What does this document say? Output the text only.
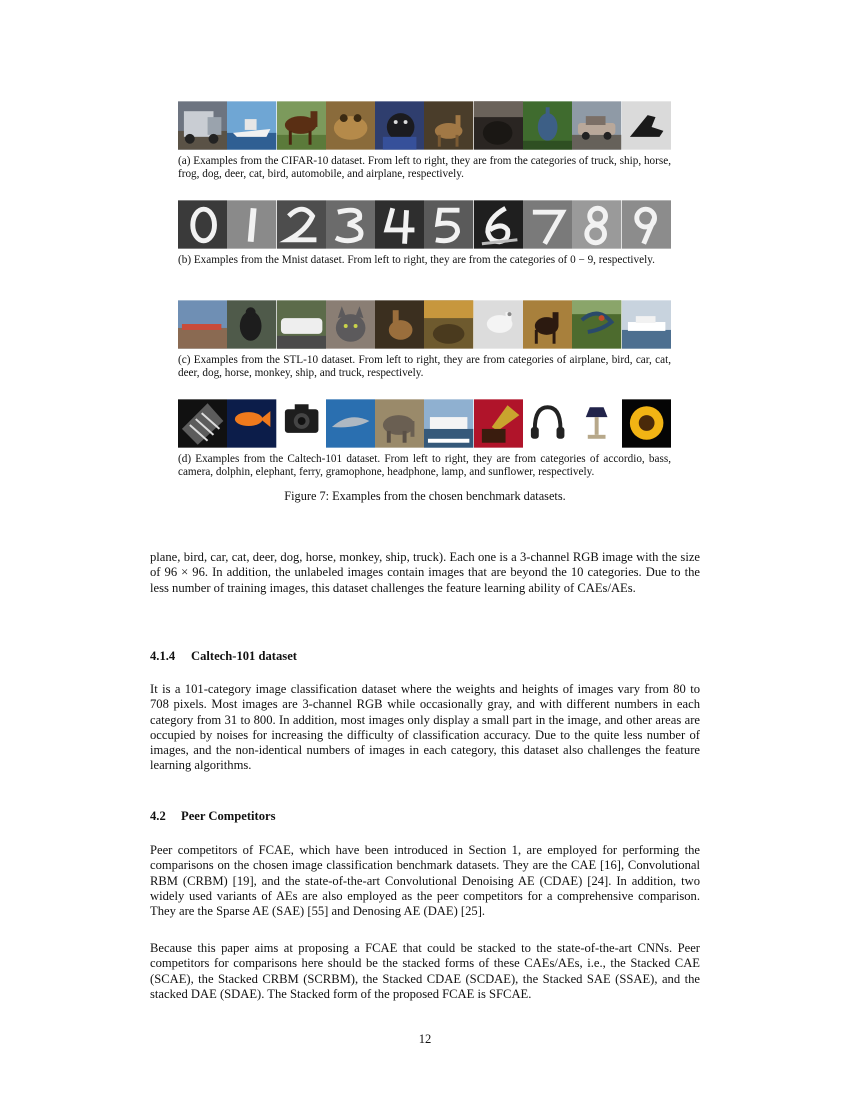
(a) Examples from the CIFAR-10 dataset. From left to right, they are from the categories of truck, ship, horse, frog, dog, deer, cat, bird, automobile, and airplane, respectively.
(b) Examples from the Mnist dataset. From left to right, they are from the categories of 0 − 9, respectively.
(c) Examples from the STL-10 dataset. From left to right, they are from categories of airplane, bird, car, cat, deer, dog, horse, monkey, ship, and truck, respectively.
(d) Examples from the Caltech-101 dataset. From left to right, they are from categories of accordio, bass, camera, dolphin, elephant, ferry, gramophone, headphone, lamp, and sunflower, respectively.
Figure 7: Examples from the chosen benchmark datasets.
plane, bird, car, cat, deer, dog, horse, monkey, ship, truck). Each one is a 3-channel RGB image with the size of 96 × 96. In addition, the unlabeled images contain images that are beyond the 10 categories. Due to the less number of training images, this dataset challenges the feature learning ability of CAEs/AEs.
4.1.4 Caltech-101 dataset
It is a 101-category image classification dataset where the weights and heights of images vary from 80 to 708 pixels. Most images are 3-channel RGB while occasionally gray, and with different numbers in each category from 31 to 800. In addition, most images only display a small part in the image, and other areas are occupied by noises for increasing the difficulty of classification accuracy. Due to the quite less number of images, and the non-identical numbers of images in each category, this dataset also challenges the feature learning algorithms.
4.2 Peer Competitors
Peer competitors of FCAE, which have been introduced in Section 1, are employed for performing the comparisons on the chosen image classification benchmark datasets. They are the CAE [16], Convolutional RBM (CRBM) [19], and the state-of-the-art Convolutional Denoising AE (CDAE) [24]. In addition, two widely used variants of AEs are also employed as the peer competitors for a comprehensive comparison. They are the Sparse AE (SAE) [55] and Denosing AE (DAE) [25].
Because this paper aims at proposing a FCAE that could be stacked to the state-of-the-art CNNs. Peer competitors for comparisons here should be the stacked forms of these CAEs/AEs, i.e., the Stacked CAE (SCAE), the Stacked CRBM (SCRBM), the Stacked CDAE (SCDAE), the Stacked SAE (SSAE), and the stacked DAE (SDAE). The Stacked form of the proposed FCAE is SFCAE.
12
